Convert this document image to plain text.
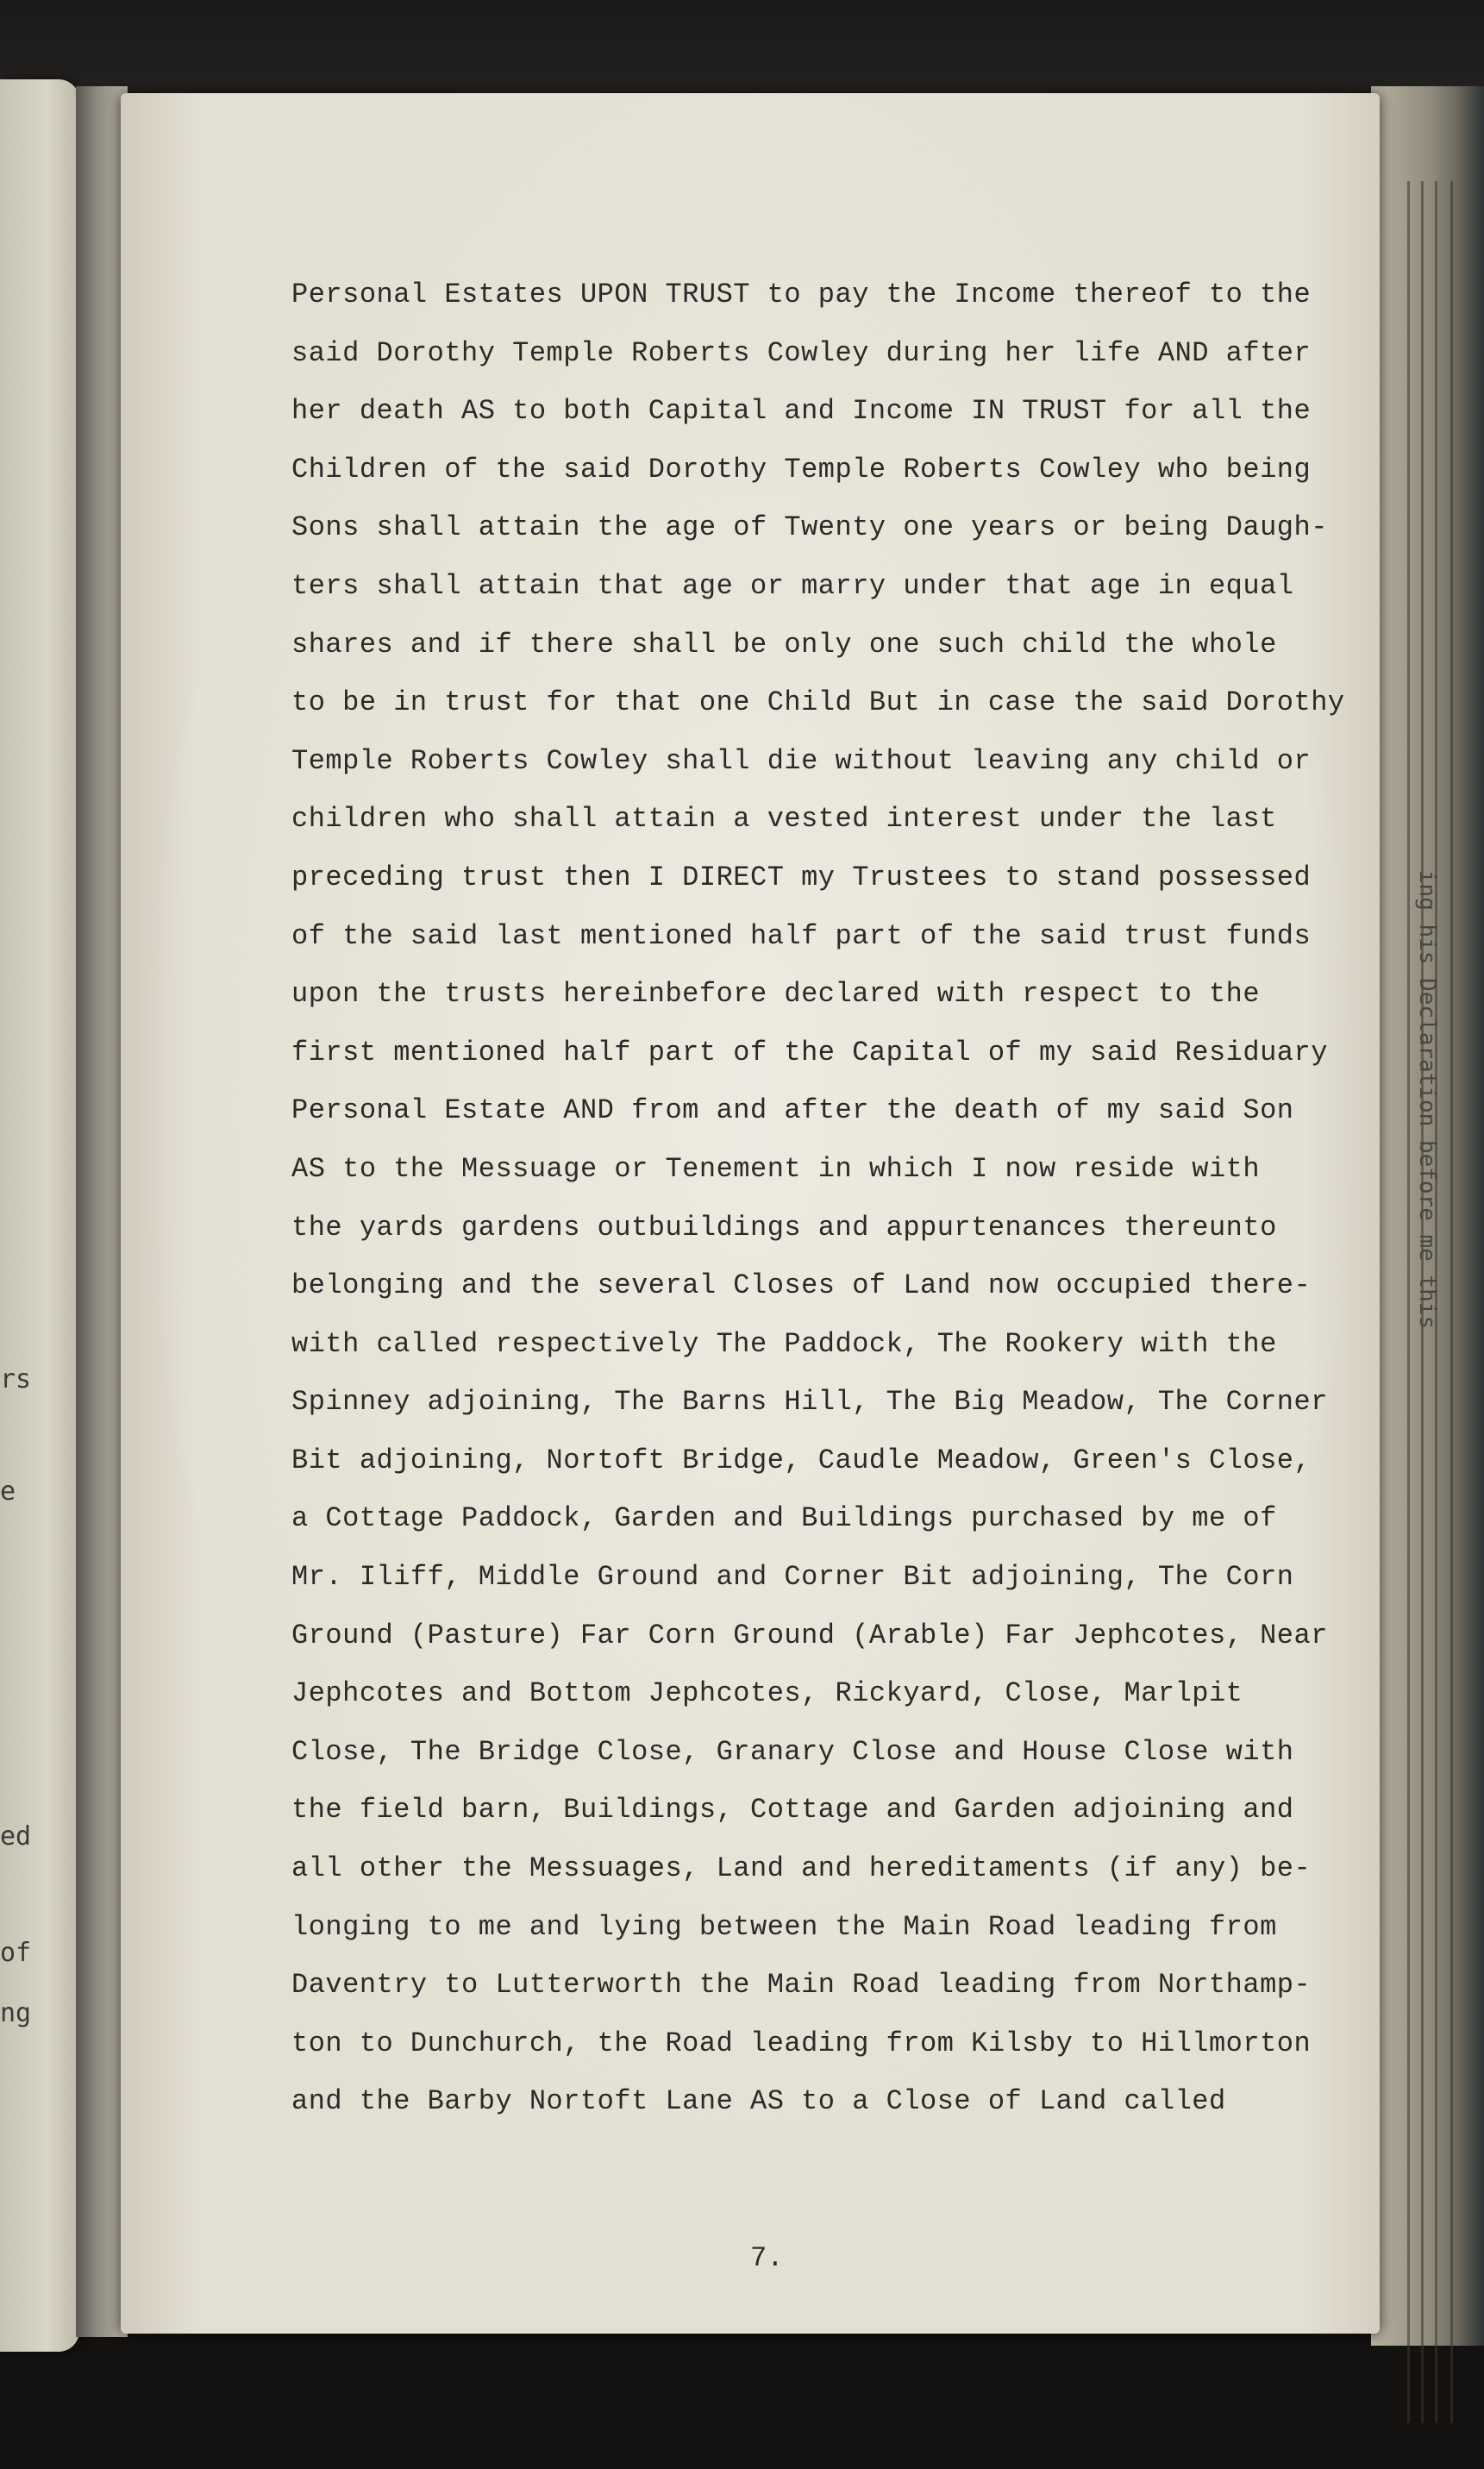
rs
e
ed
of
ng
ing his Declaration before me this
Personal Estates UPON TRUST to pay the Income thereof to the
said Dorothy Temple Roberts Cowley during her life AND after
her death AS to both Capital and Income IN TRUST for all the
Children of the said Dorothy Temple Roberts Cowley who being
Sons shall attain the age of Twenty one years or being Daugh-
ters shall attain that age or marry under that age in equal
shares and if there shall be only one such child the whole
to be in trust for that one Child But in case the said Dorothy
Temple Roberts Cowley shall die without leaving any child or
children who shall attain a vested interest under the last
preceding trust then I DIRECT my Trustees to stand possessed
of the said last mentioned half part of the said trust funds
upon the trusts hereinbefore declared with respect to the
first mentioned half part of the Capital of my said Residuary
Personal Estate AND from and after the death of my said Son
AS to the Messuage or Tenement in which I now reside with
the yards gardens outbuildings and appurtenances thereunto
belonging and the several Closes of Land now occupied there-
with called respectively The Paddock, The Rookery with the
Spinney adjoining, The Barns Hill, The Big Meadow, The Corner
Bit adjoining, Nortoft Bridge, Caudle Meadow, Green's Close,
a Cottage Paddock, Garden and Buildings purchased by me of
Mr. Iliff, Middle Ground and Corner Bit adjoining, The Corn
Ground (Pasture) Far Corn Ground (Arable) Far Jephcotes, Near
Jephcotes and Bottom Jephcotes, Rickyard, Close, Marlpit
Close, The Bridge Close, Granary Close and House Close with
the field barn, Buildings, Cottage and Garden adjoining and
all other the Messuages, Land and hereditaments (if any) be-
longing to me and lying between the Main Road leading from
Daventry to Lutterworth the Main Road leading from Northamp-
ton to Dunchurch, the Road leading from Kilsby to Hillmorton
and the Barby Nortoft Lane AS to a Close of Land called
7.
